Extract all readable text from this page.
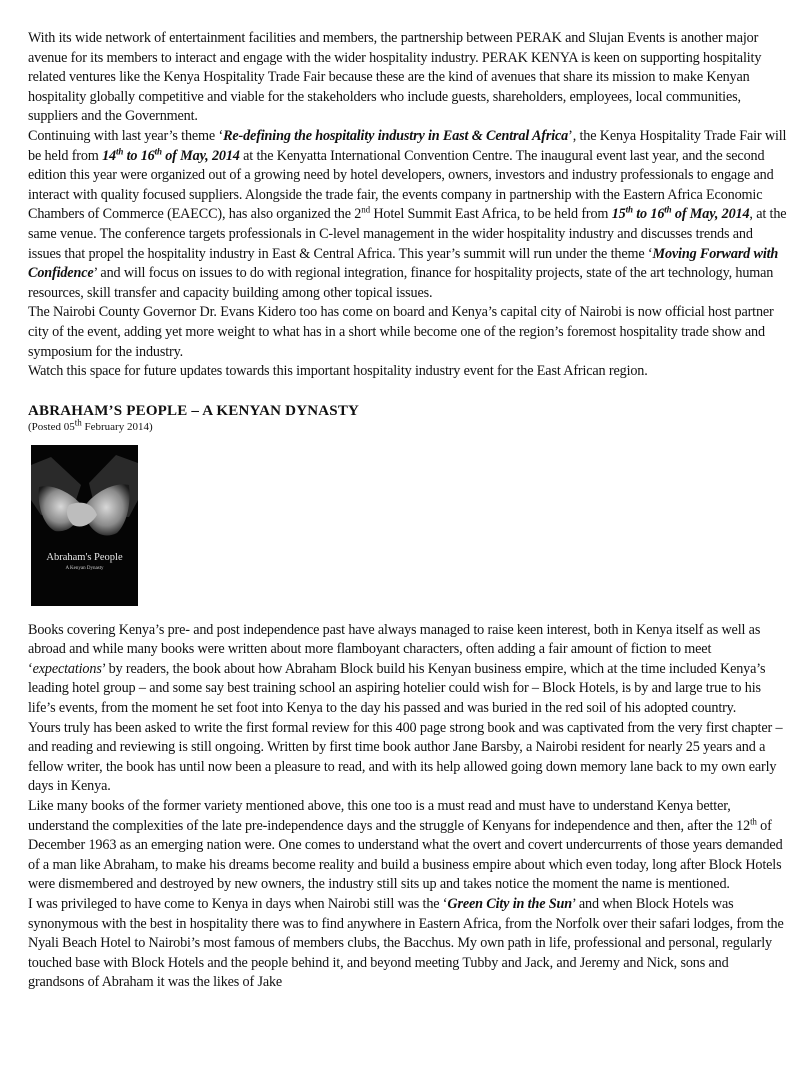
With its wide network of entertainment facilities and members, the partnership between PERAK and Slujan Events is another major avenue for its members to interact and engage with the wider hospitality industry. PERAK KENYA is keen on supporting hospitality related ventures like the Kenya Hospitality Trade Fair because these are the kind of avenues that share its mission to make Kenyan hospitality globally competitive and viable for the stakeholders who include guests, shareholders, employees, local communities, suppliers and the Government.

Continuing with last year’s theme ‘Re-defining the hospitality industry in East & Central Africa’, the Kenya Hospitality Trade Fair will be held from 14th to 16th of May, 2014 at the Kenyatta International Convention Centre. The inaugural event last year, and the second edition this year were organized out of a growing need by hotel developers, owners, investors and industry professionals to engage and interact with quality focused suppliers. Alongside the trade fair, the events company in partnership with the Eastern Africa Economic Chambers of Commerce (EAECC), has also organized the 2nd Hotel Summit East Africa, to be held from 15th to 16th of May, 2014, at the same venue. The conference targets professionals in C-level management in the wider hospitality industry and discusses trends and issues that propel the hospitality industry in East & Central Africa. This year’s summit will run under the theme ‘Moving Forward with Confidence’ and will focus on issues to do with regional integration, finance for hospitality projects, state of the art technology, human resources, skill transfer and capacity building among other topical issues.

The Nairobi County Governor Dr. Evans Kidero too has come on board and Kenya’s capital city of Nairobi is now official host partner city of the event, adding yet more weight to what has in a short while become one of the region’s foremost hospitality trade show and symposium for the industry.

Watch this space for future updates towards this important hospitality industry event for the East African region.

ABRAHAM’S PEOPLE – A KENYAN DYNASTY
(Posted 05th February 2014)
Abraham's People
A Kenyan Dynasty

Books covering Kenya’s pre- and post independence past have always managed to raise keen interest, both in Kenya itself as well as abroad and while many books were written about more flamboyant characters, often adding a fair amount of fiction to meet ‘expectations’ by readers, the book about how Abraham Block build his Kenyan business empire, which at the time included Kenya’s leading hotel group – and some say best training school an aspiring hotelier could wish for – Block Hotels, is by and large true to his life’s events, from the moment he set foot into Kenya to the day his passed and was buried in the red soil of his adopted country.

Yours truly has been asked to write the first formal review for this 400 page strong book and was captivated from the very first chapter – and reading and reviewing is still ongoing. Written by first time book author Jane Barsby, a Nairobi resident for nearly 25 years and a fellow writer, the book has until now been a pleasure to read, and with its help allowed going down memory lane back to my own early days in Kenya.

Like many books of the former variety mentioned above, this one too is a must read and must have to understand Kenya better, understand the complexities of the late pre-independence days and the struggle of Kenyans for independence and then, after the 12th of December 1963 as an emerging nation were. One comes to understand what the overt and covert undercurrents of those years demanded of a man like Abraham, to make his dreams become reality and build a business empire about which even today, long after Block Hotels were dismembered and destroyed by new owners, the industry still sits up and takes notice the moment the name is mentioned.

I was privileged to have come to Kenya in days when Nairobi still was the ‘Green City in the Sun’ and when Block Hotels was synonymous with the best in hospitality there was to find anywhere in Eastern Africa, from the Norfolk over their safari lodges, from the Nyali Beach Hotel to Nairobi’s most famous of members clubs, the Bacchus. My own path in life, professional and personal, regularly touched base with Block Hotels and the people behind it, and beyond meeting Tubby and Jack, and Jeremy and Nick, sons and grandsons of Abraham it was the likes of Jake
